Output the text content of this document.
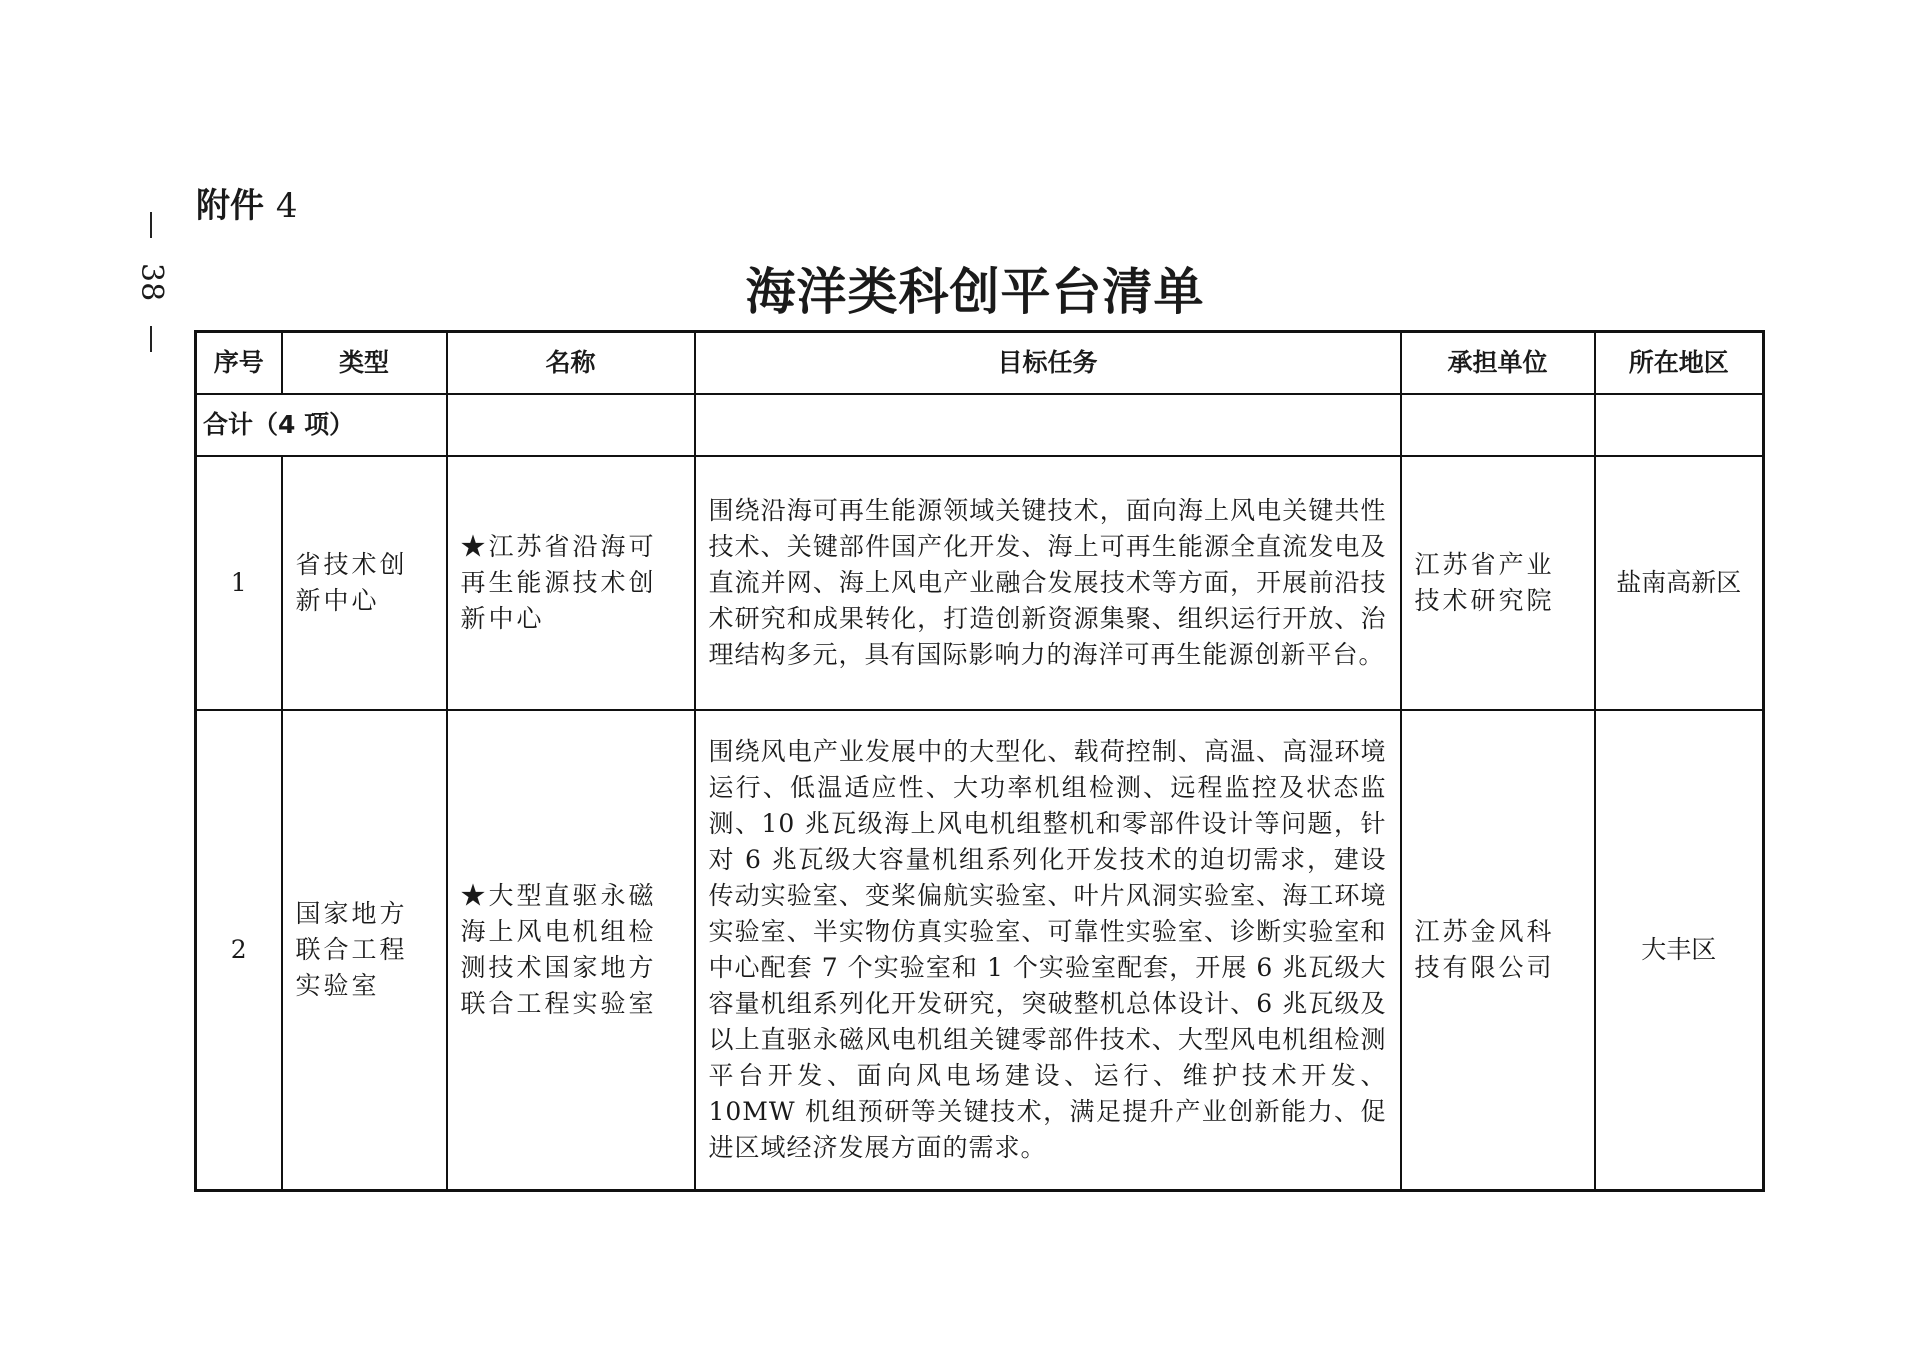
38
附件 4
海洋类科创平台清单
序号	类型	名称	目标任务	承担单位	所在地区
合计（4 项）					
1	省技术创新中心	★江苏省沿海可再生能源技术创新中心	围绕沿海可再生能源领域关键技术，面向海上风电关键共性技术、关键部件国产化开发、海上可再生能源全直流发电及直流并网、海上风电产业融合发展技术等方面，开展前沿技术研究和成果转化，打造创新资源集聚、组织运行开放、治理结构多元，具有国际影响力的海洋可再生能源创新平台。	江苏省产业技术研究院	盐南高新区
2	国家地方联合工程实验室	★大型直驱永磁海上风电机组检测技术国家地方联合工程实验室	围绕风电产业发展中的大型化、载荷控制、高温、高湿环境运行、低温适应性、大功率机组检测、远程监控及状态监测、10 兆瓦级海上风电机组整机和零部件设计等问题，针对 6 兆瓦级大容量机组系列化开发技术的迫切需求，建设传动实验室、变桨偏航实验室、叶片风洞实验室、海工环境实验室、半实物仿真实验室、可靠性实验室、诊断实验室和中心配套 7 个实验室和 1 个实验室配套，开展 6 兆瓦级大容量机组系列化开发研究，突破整机总体设计、6 兆瓦级及以上直驱永磁风电机组关键零部件技术、大型风电机组检测平台开发、面向风电场建设、运行、维护技术开发、10MW 机组预研等关键技术，满足提升产业创新能力、促进区域经济发展方面的需求。	江苏金风科技有限公司	大丰区
